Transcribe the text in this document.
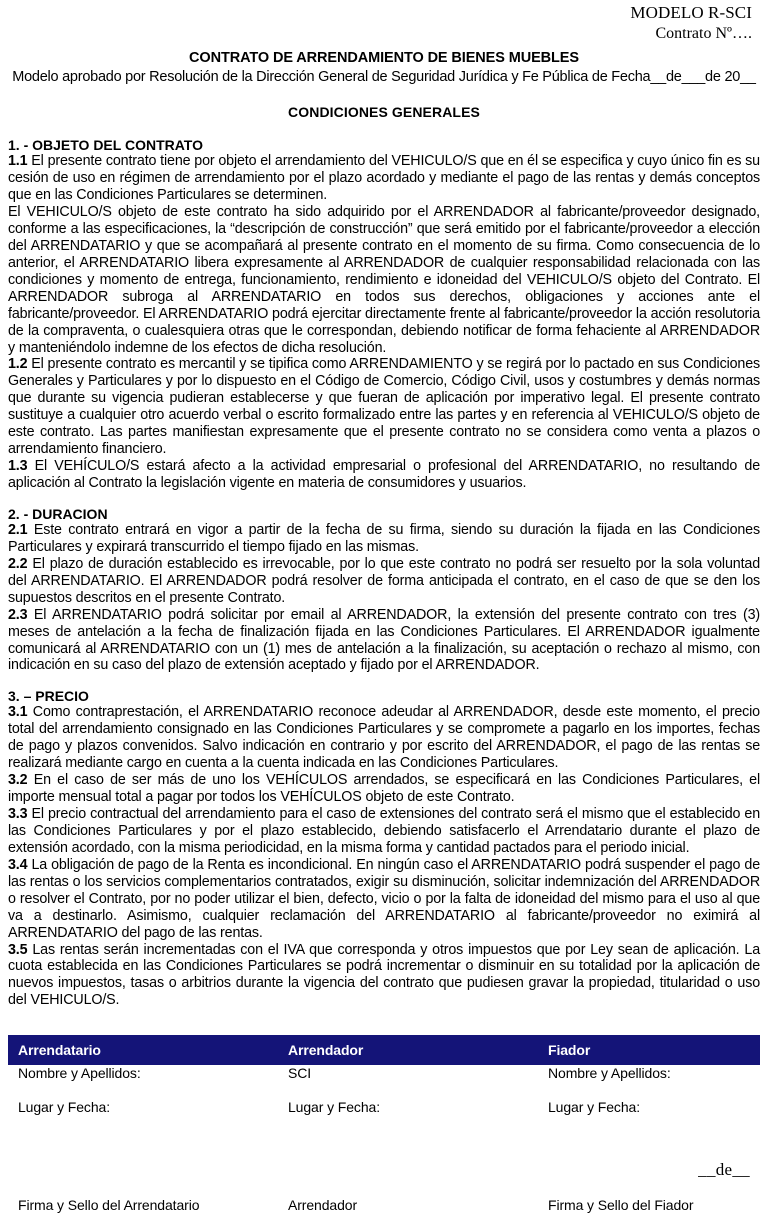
MODELO R-SCI
Contrato Nº….
CONTRATO DE ARRENDAMIENTO DE BIENES MUEBLES
Modelo aprobado por Resolución de la Dirección General de Seguridad Jurídica y Fe Pública de Fecha__de___de 20__
CONDICIONES GENERALES
1. - OBJETO DEL CONTRATO

1.1 El presente contrato tiene por objeto el arrendamiento del VEHICULO/S que en él se especifica y cuyo único fin es su cesión de uso en régimen de arrendamiento por el plazo acordado y mediante el pago de las rentas y demás conceptos que en las Condiciones Particulares se determinen.

El VEHICULO/S objeto de este contrato ha sido adquirido por el ARRENDADOR al fabricante/proveedor designado, conforme a las especificaciones, la “descripción de construcción” que será emitido por el fabricante/proveedor a elección del ARRENDATARIO y que se acompañará al presente contrato en el momento de su firma. Como consecuencia de lo anterior, el ARRENDATARIO libera expresamente al ARRENDADOR de cualquier responsabilidad relacionada con las condiciones y momento de entrega, funcionamiento, rendimiento e idoneidad del VEHICULO/S objeto del Contrato. El ARRENDADOR subroga al ARRENDATARIO en todos sus derechos, obligaciones y acciones ante el fabricante/proveedor. El ARRENDATARIO podrá ejercitar directamente frente al fabricante/proveedor la acción resolutoria de la compraventa, o cualesquiera otras que le correspondan, debiendo notificar de forma fehaciente al ARRENDADOR y manteniéndolo indemne de los efectos de dicha resolución.

1.2 El presente contrato es mercantil y se tipifica como ARRENDAMIENTO y se regirá por lo pactado en sus Condiciones Generales y Particulares y por lo dispuesto en el Código de Comercio, Código Civil, usos y costumbres y demás normas que durante su vigencia pudieran establecerse y que fueran de aplicación por imperativo legal. El presente contrato sustituye a cualquier otro acuerdo verbal o escrito formalizado entre las partes y en referencia al VEHICULO/S objeto de este contrato. Las partes manifiestan expresamente que el presente contrato no se considera como venta a plazos o arrendamiento financiero.

1.3 El VEHÍCULO/S estará afecto a la actividad empresarial o profesional del ARRENDATARIO, no resultando de aplicación al Contrato la legislación vigente en materia de consumidores y usuarios.

2. - DURACION

2.1 Este contrato entrará en vigor a partir de la fecha de su firma, siendo su duración la fijada en las Condiciones Particulares y expirará transcurrido el tiempo fijado en las mismas.

2.2 El plazo de duración establecido es irrevocable, por lo que este contrato no podrá ser resuelto por la sola voluntad del ARRENDATARIO. El ARRENDADOR podrá resolver de forma anticipada el contrato, en el caso de que se den los supuestos descritos en el presente Contrato.

2.3 El ARRENDATARIO podrá solicitar por email al ARRENDADOR, la extensión del presente contrato con tres (3) meses de antelación a la fecha de finalización fijada en las Condiciones Particulares. El ARRENDADOR igualmente comunicará al ARRENDATARIO con un (1) mes de antelación a la finalización, su aceptación o rechazo al mismo, con indicación en su caso del plazo de extensión aceptado y fijado por el ARRENDADOR.

3. – PRECIO

3.1 Como contraprestación, el ARRENDATARIO reconoce adeudar al ARRENDADOR, desde este momento, el precio total del arrendamiento consignado en las Condiciones Particulares y se compromete a pagarlo en los importes, fechas de pago y plazos convenidos. Salvo indicación en contrario y por escrito del ARRENDADOR, el pago de las rentas se realizará mediante cargo en cuenta a la cuenta indicada en las Condiciones Particulares.

3.2 En el caso de ser más de uno los VEHÍCULOS arrendados, se especificará en las Condiciones Particulares, el importe mensual total a pagar por todos los VEHÍCULOS objeto de este Contrato.

3.3 El precio contractual del arrendamiento para el caso de extensiones del contrato será el mismo que el establecido en las Condiciones Particulares y por el plazo establecido, debiendo satisfacerlo el Arrendatario durante el plazo de extensión acordado, con la misma periodicidad, en la misma forma y cantidad pactados para el periodo inicial.

3.4 La obligación de pago de la Renta es incondicional. En ningún caso el ARRENDATARIO podrá suspender el pago de las rentas o los servicios complementarios contratados, exigir su disminución, solicitar indemnización del ARRENDADOR o resolver el Contrato, por no poder utilizar el bien, defecto, vicio o por la falta de idoneidad del mismo para el uso al que va a destinarlo. Asimismo, cualquier reclamación del ARRENDATARIO al fabricante/proveedor no eximirá al ARRENDATARIO del pago de las rentas.

3.5 Las rentas serán incrementadas con el IVA que corresponda y otros impuestos que por Ley sean de aplicación. La cuota establecida en las Condiciones Particulares se podrá incrementar o disminuir en su totalidad por la aplicación de nuevos impuestos, tasas o arbitrios durante la vigencia del contrato que pudiesen gravar la propiedad, titularidad o uso del VEHICULO/S.

Arrendatario	Arrendador	Fiador
Nombre y Apellidos:	SCI	Nombre y Apellidos:
Lugar y Fecha:	Lugar y Fecha:	Lugar y Fecha:

Firma y Sello del Arrendatario	Arrendador	Firma y Sello del Fiador
__de__
